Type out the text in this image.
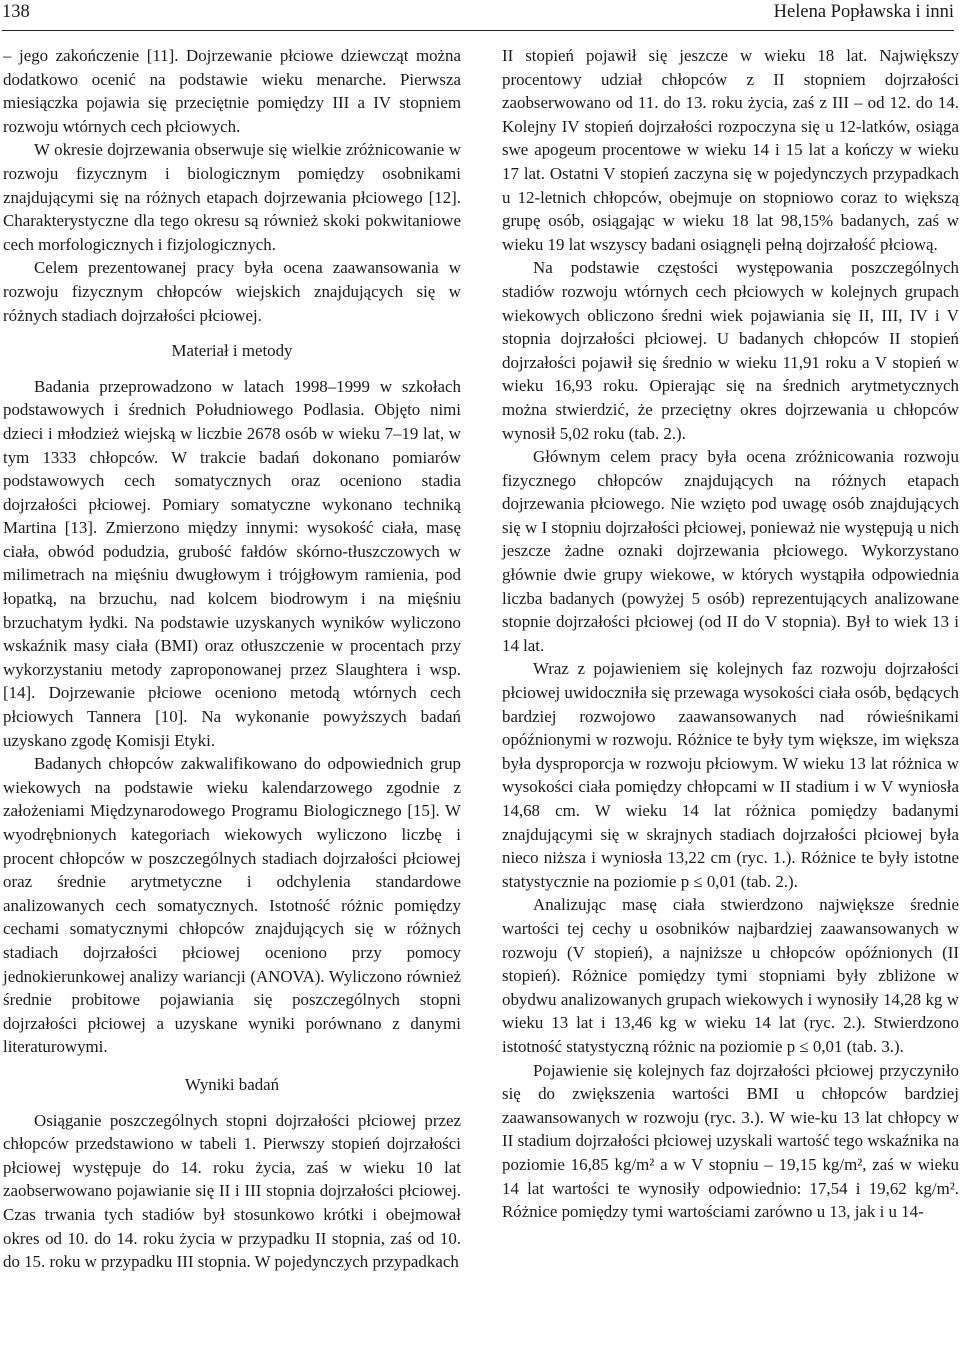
138	Helena Popławska i inni

– jego zakończenie [11]. Dojrzewanie płciowe dziewcząt można dodatkowo ocenić na podstawie wieku menarche. Pierwsza miesiączka pojawia się przeciętnie pomiędzy III a IV stopniem rozwoju wtórnych cech płciowych.

W okresie dojrzewania obserwuje się wielkie zróżnicowanie w rozwoju fizycznym i biologicznym pomiędzy osobnikami znajdującymi się na różnych etapach dojrzewania płciowego [12]. Charakterystyczne dla tego okresu są również skoki pokwitaniowe cech morfologicznych i fizjologicznych.

Celem prezentowanej pracy była ocena zaawansowania w rozwoju fizycznym chłopców wiejskich znajdujących się w różnych stadiach dojrzałości płciowej.

Materiał i metody

Badania przeprowadzono w latach 1998–1999 w szkołach podstawowych i średnich Południowego Podlasia. Objęto nimi dzieci i młodzież wiejską w liczbie 2678 osób w wieku 7–19 lat, w tym 1333 chłopców. W trakcie badań dokonano pomiarów podstawowych cech somatycznych oraz oceniono stadia dojrzałości płciowej. Pomiary somatyczne wykonano techniką Martina [13]. Zmierzono między innymi: wysokość ciała, masę ciała, obwód podudzia, grubość fałdów skórno-tłuszczowych w milimetrach na mięśniu dwugłowym i trójgłowym ramienia, pod łopatką, na brzuchu, nad kolcem biodrowym i na mięśniu brzuchatym łydki. Na podstawie uzyskanych wyników wyliczono wskaźnik masy ciała (BMI) oraz otłuszczenie w procentach przy wykorzystaniu metody zaproponowanej przez Slaughtera i wsp. [14]. Dojrzewanie płciowe oceniono metodą wtórnych cech płciowych Tannera [10]. Na wykonanie powyższych badań uzyskano zgodę Komisji Etyki.

Badanych chłopców zakwalifikowano do odpowiednich grup wiekowych na podstawie wieku kalendarzowego zgodnie z założeniami Międzynarodowego Programu Biologicznego [15]. W wyodrębnionych kategoriach wiekowych wyliczono liczbę i procent chłopców w poszczególnych stadiach dojrzałości płciowej oraz średnie arytmetyczne i odchylenia standardowe analizowanych cech somatycznych. Istotność różnic pomiędzy cechami somatycznymi chłopców znajdujących się w różnych stadiach dojrzałości płciowej oceniono przy pomocy jednokierunkowej analizy wariancji (ANOVA). Wyliczono również średnie probitowe pojawiania się poszczególnych stopni dojrzałości płciowej a uzyskane wyniki porównano z danymi literaturowymi.

Wyniki badań

Osiąganie poszczególnych stopni dojrzałości płciowej przez chłopców przedstawiono w tabeli 1. Pierwszy stopień dojrzałości płciowej występuje do 14. roku życia, zaś w wieku 10 lat zaobserwowano pojawianie się II i III stopnia dojrzałości płciowej. Czas trwania tych stadiów był stosunkowo krótki i obejmował okres od 10. do 14. roku życia w przypadku II stopnia, zaś od 10. do 15. roku w przypadku III stopnia. W pojedynczych przypadkach

II stopień pojawił się jeszcze w wieku 18 lat. Największy procentowy udział chłopców z II stopniem dojrzałości zaobserwowano od 11. do 13. roku życia, zaś z III – od 12. do 14. Kolejny IV stopień dojrzałości rozpoczyna się u 12-latków, osiąga swe apogeum procentowe w wieku 14 i 15 lat a kończy w wieku 17 lat. Ostatni V stopień zaczyna się w pojedynczych przypadkach u 12-letnich chłopców, obejmuje on stopniowo coraz to większą grupę osób, osiągając w wieku 18 lat 98,15% badanych, zaś w wieku 19 lat wszyscy badani osiągnęli pełną dojrzałość płciową.

Na podstawie częstości występowania poszczególnych stadiów rozwoju wtórnych cech płciowych w kolejnych grupach wiekowych obliczono średni wiek pojawiania się II, III, IV i V stopnia dojrzałości płciowej. U badanych chłopców II stopień dojrzałości pojawił się średnio w wieku 11,91 roku a V stopień w wieku 16,93 roku. Opierając się na średnich arytmetycznych można stwierdzić, że przeciętny okres dojrzewania u chłopców wynosił 5,02 roku (tab. 2.).

Głównym celem pracy była ocena zróżnicowania rozwoju fizycznego chłopców znajdujących na różnych etapach dojrzewania płciowego. Nie wzięto pod uwagę osób znajdujących się w I stopniu dojrzałości płciowej, ponieważ nie występują u nich jeszcze żadne oznaki dojrzewania płciowego. Wykorzystano głównie dwie grupy wiekowe, w których wystąpiła odpowiednia liczba badanych (powyżej 5 osób) reprezentujących analizowane stopnie dojrzałości płciowej (od II do V stopnia). Był to wiek 13 i 14 lat.

Wraz z pojawieniem się kolejnych faz rozwoju dojrzałości płciowej uwidoczniła się przewaga wysokości ciała osób, będących bardziej rozwojowo zaawansowanych nad rówieśnikami opóźnionymi w rozwoju. Różnice te były tym większe, im większa była dysproporcja w rozwoju płciowym. W wieku 13 lat różnica w wysokości ciała pomiędzy chłopcami w II stadium i w V wyniosła 14,68 cm. W wieku 14 lat różnica pomiędzy badanymi znajdującymi się w skrajnych stadiach dojrzałości płciowej była nieco niższa i wyniosła 13,22 cm (ryc. 1.). Różnice te były istotne statystycznie na poziomie p ≤ 0,01 (tab. 2.).

Analizując masę ciała stwierdzono największe średnie wartości tej cechy u osobników najbardziej zaawansowanych w rozwoju (V stopień), a najniższe u chłopców opóźnionych (II stopień). Różnice pomiędzy tymi stopniami były zbliżone w obydwu analizowanych grupach wiekowych i wynosiły 14,28 kg w wieku 13 lat i 13,46 kg w wieku 14 lat (ryc. 2.). Stwierdzono istotność statystyczną różnic na poziomie p ≤ 0,01 (tab. 3.).

Pojawienie się kolejnych faz dojrzałości płciowej przyczyniło się do zwiększenia wartości BMI u chłopców bardziej zaawansowanych w rozwoju (ryc. 3.). W wie-ku 13 lat chłopcy w II stadium dojrzałości płciowej uzyskali wartość tego wskaźnika na poziomie 16,85 kg/m² a w V stopniu – 19,15 kg/m², zaś w wieku 14 lat wartości te wynosiły odpowiednio: 17,54 i 19,62 kg/m². Różnice pomiędzy tymi wartościami zarówno u 13, jak i u 14-
